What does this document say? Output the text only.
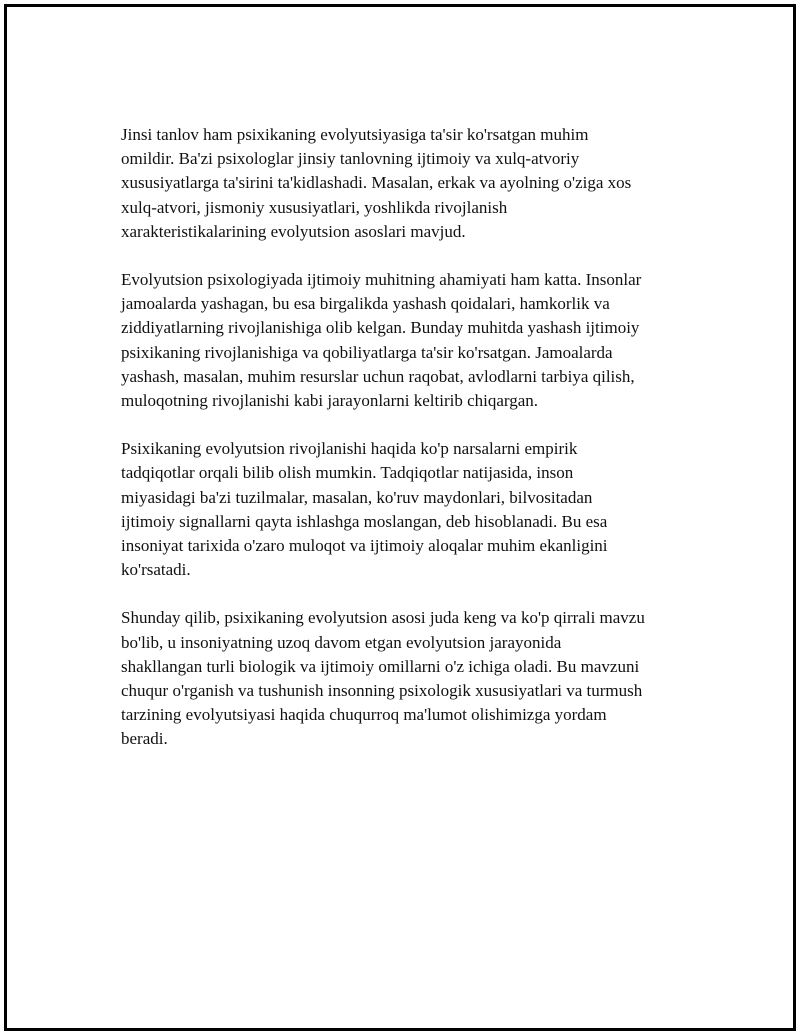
Jinsi tanlov ham psixikaning evolyutsiyasiga ta'sir ko'rsatgan muhim
omildir. Ba'zi psixologlar jinsiy tanlovning ijtimoiy va xulq-atvoriy
xususiyatlarga ta'sirini ta'kidlashadi. Masalan, erkak va ayolning o'ziga xos
xulq-atvori, jismoniy xususiyatlari, yoshlikda rivojlanish
xarakteristikalarining evolyutsion asoslari mavjud.

Evolyutsion psixologiyada ijtimoiy muhitning ahamiyati ham katta. Insonlar
jamoalarda yashagan, bu esa birgalikda yashash qoidalari, hamkorlik va
ziddiyatlarning rivojlanishiga olib kelgan. Bunday muhitda yashash ijtimoiy
psixikaning rivojlanishiga va qobiliyatlarga ta'sir ko'rsatgan. Jamoalarda
yashash, masalan, muhim resurslar uchun raqobat, avlodlarni tarbiya qilish,
muloqotning rivojlanishi kabi jarayonlarni keltirib chiqargan.

Psixikaning evolyutsion rivojlanishi haqida ko'p narsalarni empirik
tadqiqotlar orqali bilib olish mumkin. Tadqiqotlar natijasida, inson
miyasidagi ba'zi tuzilmalar, masalan, ko'ruv maydonlari, bilvositadan
ijtimoiy signallarni qayta ishlashga moslangan, deb hisoblanadi. Bu esa
insoniyat tarixida o'zaro muloqot va ijtimoiy aloqalar muhim ekanligini
ko'rsatadi.

Shunday qilib, psixikaning evolyutsion asosi juda keng va ko'p qirrali mavzu
bo'lib, u insoniyatning uzoq davom etgan evolyutsion jarayonida
shakllangan turli biologik va ijtimoiy omillarni o'z ichiga oladi. Bu mavzuni
chuqur o'rganish va tushunish insonning psixologik xususiyatlari va turmush
tarzining evolyutsiyasi haqida chuqurroq ma'lumot olishimizga yordam
beradi.
